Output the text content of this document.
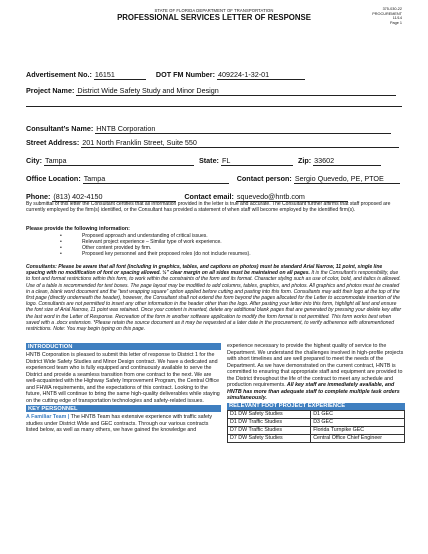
STATE OF FLORIDA DEPARTMENT OF TRANSPORTATION
PROFESSIONAL SERVICES LETTER OF RESPONSE
375-030-22
PROCUREMENT
11/14
Page 1
Advertisement No.: 16151	DOT FM Number: 409224-1-32-01
Project Name: District Wide Safety Study and Minor Design
Consultant’s Name: HNTB Corporation
Street Address: 201 North Franklin Street, Suite 550
City: Tampa	State: FL	Zip: 33602
Office Location: Tampa	Contact person: Sergio Quevedo, PE, PTOE
Phone: (813) 402-4150	Contact email: squevedo@hntb.com
By submittal of this letter the Consultant certifies that all information provided in the letter is true and accurate. The Consultant further affirms that staff proposed are currently employed by the firm(s) identified, or the Consultant has provided a statement of when staff will become employed by the identified firm(s).
Please provide the following information:
• Proposed approach and understanding of critical issues.
• Relevant project experience – Similar type of work experience.
• Other content provided by firm.
• Proposed key personnel and their proposed roles (do not include resumes).
Consultants: Please be aware that all font (including in graphics, tables, and captions on photos) must be standard Arial Narrow, 11 point, single line spacing with no modification of font or spacing allowed. ½" clear margin on all sides must be maintained on all pages. It is the Consultant’s responsibility, due to font and format restrictions within this form, to work within the constraints of the form and its format. Character styling such as use of color, bold, and italics is allowed. Use of a table is recommended for text boxes. The page layout may be modified to add columns, tables, graphics, and photos. All graphics and photos must be created in a clean, blank word document and the “text wrapping square” option applied before cutting and pasting into this form. Consultants may add their logo at the top of the first page (directly underneath the header), however, the Consultant shall not extend the form beyond the pages allocated for the Letter to accommodate insertion of the logo. Consultants are not permitted to insert any other information in the header other than the logo. After pasting your letter into this form, highlight all text and ensure the font size of Arial Narrow, 11 point was retained. Once your content is inserted, delete any additional blank pages that are generated by pressing your delete key after the last word in the Letter of Response. Recreation of the form in another software application to modify the form format is not permitted. This form works best when saved with a .docx extension. *Please retain the source document as it may be requested at a later date in the procurement, to verify adherence with aforementioned restrictions. Note: You may begin typing on this page.
INTRODUCTION
HNTB Corporation is pleased to submit this letter of response to District 1 for the District Wide Safety Studies and Minor Design contract. We have a dedicated and experienced team who is fully equipped and continuously available to serve the District and provide a seamless transition from one contract to the next. We are well-acquainted with the Highway Safety Improvement Program, the Central Office and FHWA requirements, and the expectations of this contract. Looking to the future, HNTB will continue to bring the same high-quality deliverables while staying on the cutting edge of transportation technologies and safety-related issues.
KEY PERSONNEL
A Familiar Team | The HNTB Team has extensive experience with traffic safety studies under District Wide and GEC contracts. Through our various contracts listed below, as well as many others, we have gained the knowledge and
experience necessary to provide the highest quality of service to the Department. We understand the challenges involved in high-profile projects with short timelines and are well prepared to meet the needs of the Department. As we have demonstrated on the current contract, HNTB is committed to ensuring that appropriate staff and equipment are provided to the District throughout the life of the contract to meet any schedule and production requirements. All key staff are immediately available, and HNTB has more than adequate staff to complete multiple task orders simultaneously.
RELEVANT FDOT PROJECT EXPERIENCE
D1 DW Safety Studies	D1 GEC
D1 DW Traffic Studies	D3 GEC
D7 DW Traffic Studies	Florida Turnpike GEC
D7 DW Safety Studies	Central Office Chief Engineer
